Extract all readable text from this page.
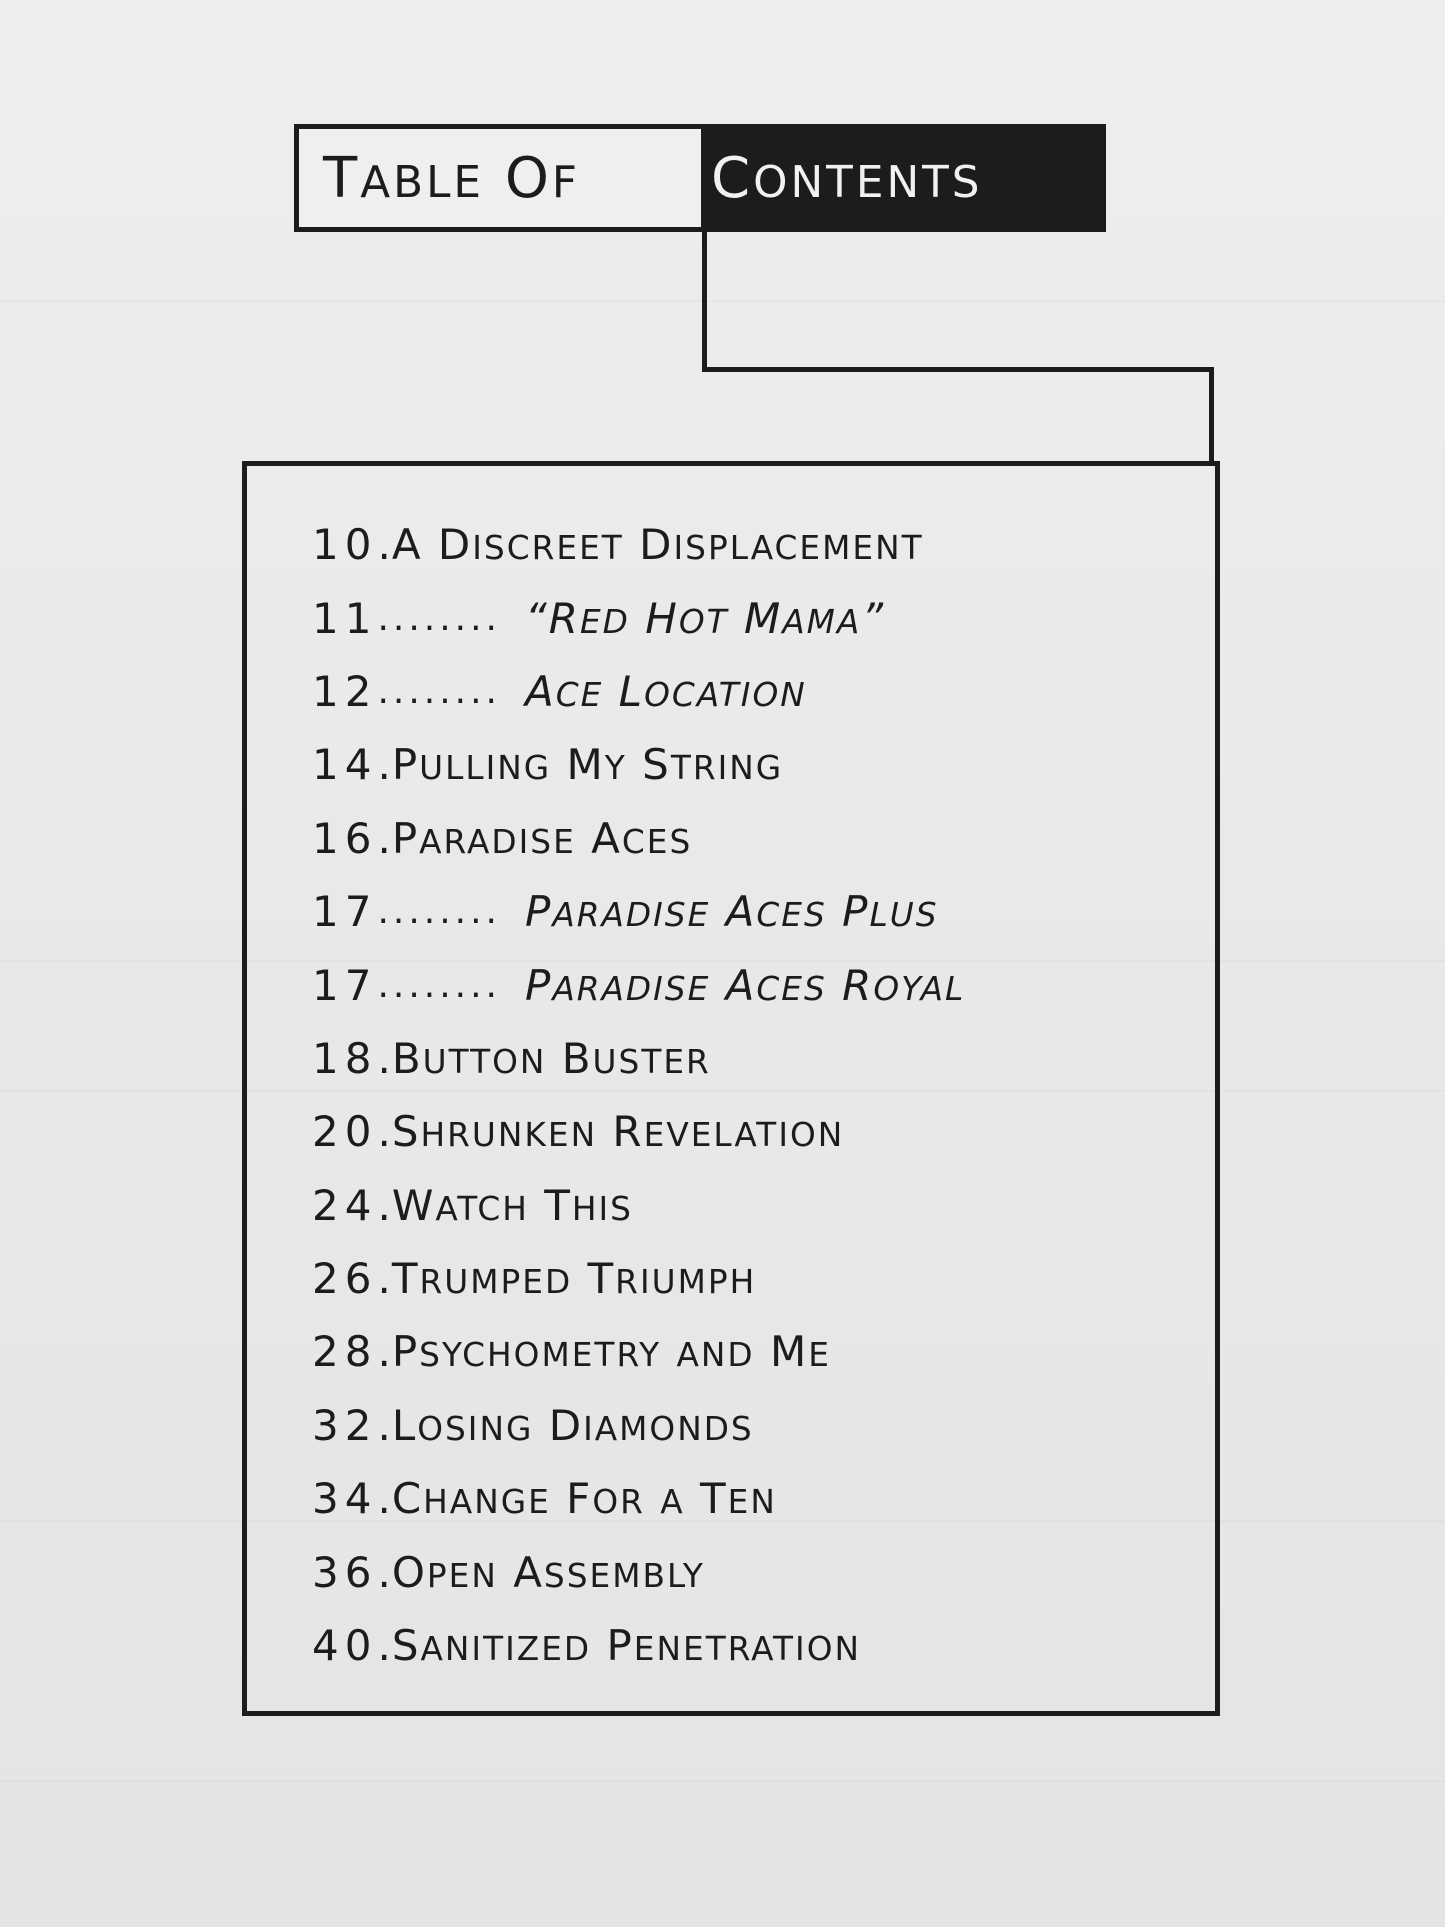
TABLE OF CONTENTS
10 . A DISCREET DISPLACEMENT
11 ........ “RED HOT MAMA”
12 ........ ACE LOCATION
14 . PULLING MY STRING
16 . PARADISE ACES
17 ........ PARADISE ACES PLUS
17 ........ PARADISE ACES ROYAL
18 . BUTTON BUSTER
20 . SHRUNKEN REVELATION
24 . WATCH THIS
26 . TRUMPED TRIUMPH
28 . PSYCHOMETRY AND ME
32 . LOSING DIAMONDS
34 . CHANGE FOR A TEN
36 . OPEN ASSEMBLY
40 . SANITIZED PENETRATION
